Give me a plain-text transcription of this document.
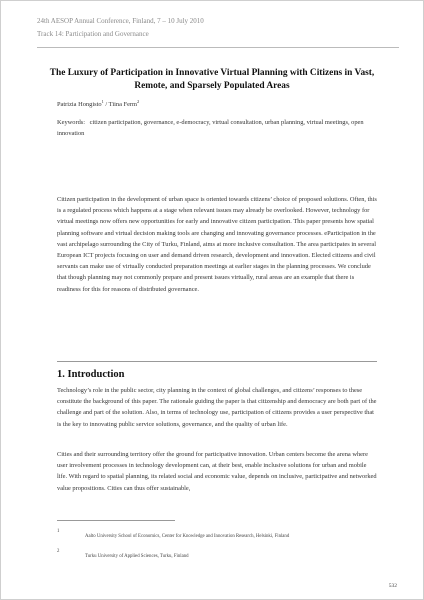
24th AESOP Annual Conference, Finland, 7 – 10 July 2010
Track 14: Participation and Governance
The Luxury of Participation in Innovative Virtual Planning with Citizens in Vast, Remote, and Sparsely Populated Areas
Patrizia Hongisto$^1$ / Tiina Ferm$^2$
Keywords: citizen participation, governance, e-democracy, virtual consultation, urban planning, virtual meetings, open innovation
Citizen participation in the development of urban space is oriented towards citizens’ choice of proposed solutions. Often, this is a regulated process which happens at a stage when relevant issues may already be overlooked. However, technology for virtual meetings now offers new opportunities for early and innovative citizen participation. This paper presents how spatial planning software and virtual decision making tools are changing and innovating governance processes. eParticipation in the vast archipelago surrounding the City of Turku, Finland, aims at more inclusive consultation. The area participates in several European ICT projects focusing on user and demand driven research, development and innovation. Elected citizens and civil servants can make use of virtually conducted preparation meetings at earlier stages in the planning processes. We conclude that though planning may not commonly prepare and present issues virtually, rural areas are an example that there is readiness for this for reasons of distributed governance.
1. Introduction
Technology’s role in the public sector, city planning in the context of global challenges, and citizens’ responses to these constitute the background of this paper. The rationale guiding the paper is that citizenship and democracy are both part of the challenge and part of the solution. Also, in terms of technology use, participation of citizens provides a user perspective that is the key to innovating public service solutions, governance, and the quality of urban life.
Cities and their surrounding territory offer the ground for participative innovation. Urban centers become the arena where user involvement processes in technology development can, at their best, enable inclusive solutions for urban and mobile life. With regard to spatial planning, its related social and economic value, depends on inclusive, participative and networked value propositions. Cities can thus offer sustainable,
1
Aalto University School of Economics, Center for Knowledge and Innovation Research, Helsinki, Finland
2
Turku University of Applied Sciences, Turku, Finland
532
